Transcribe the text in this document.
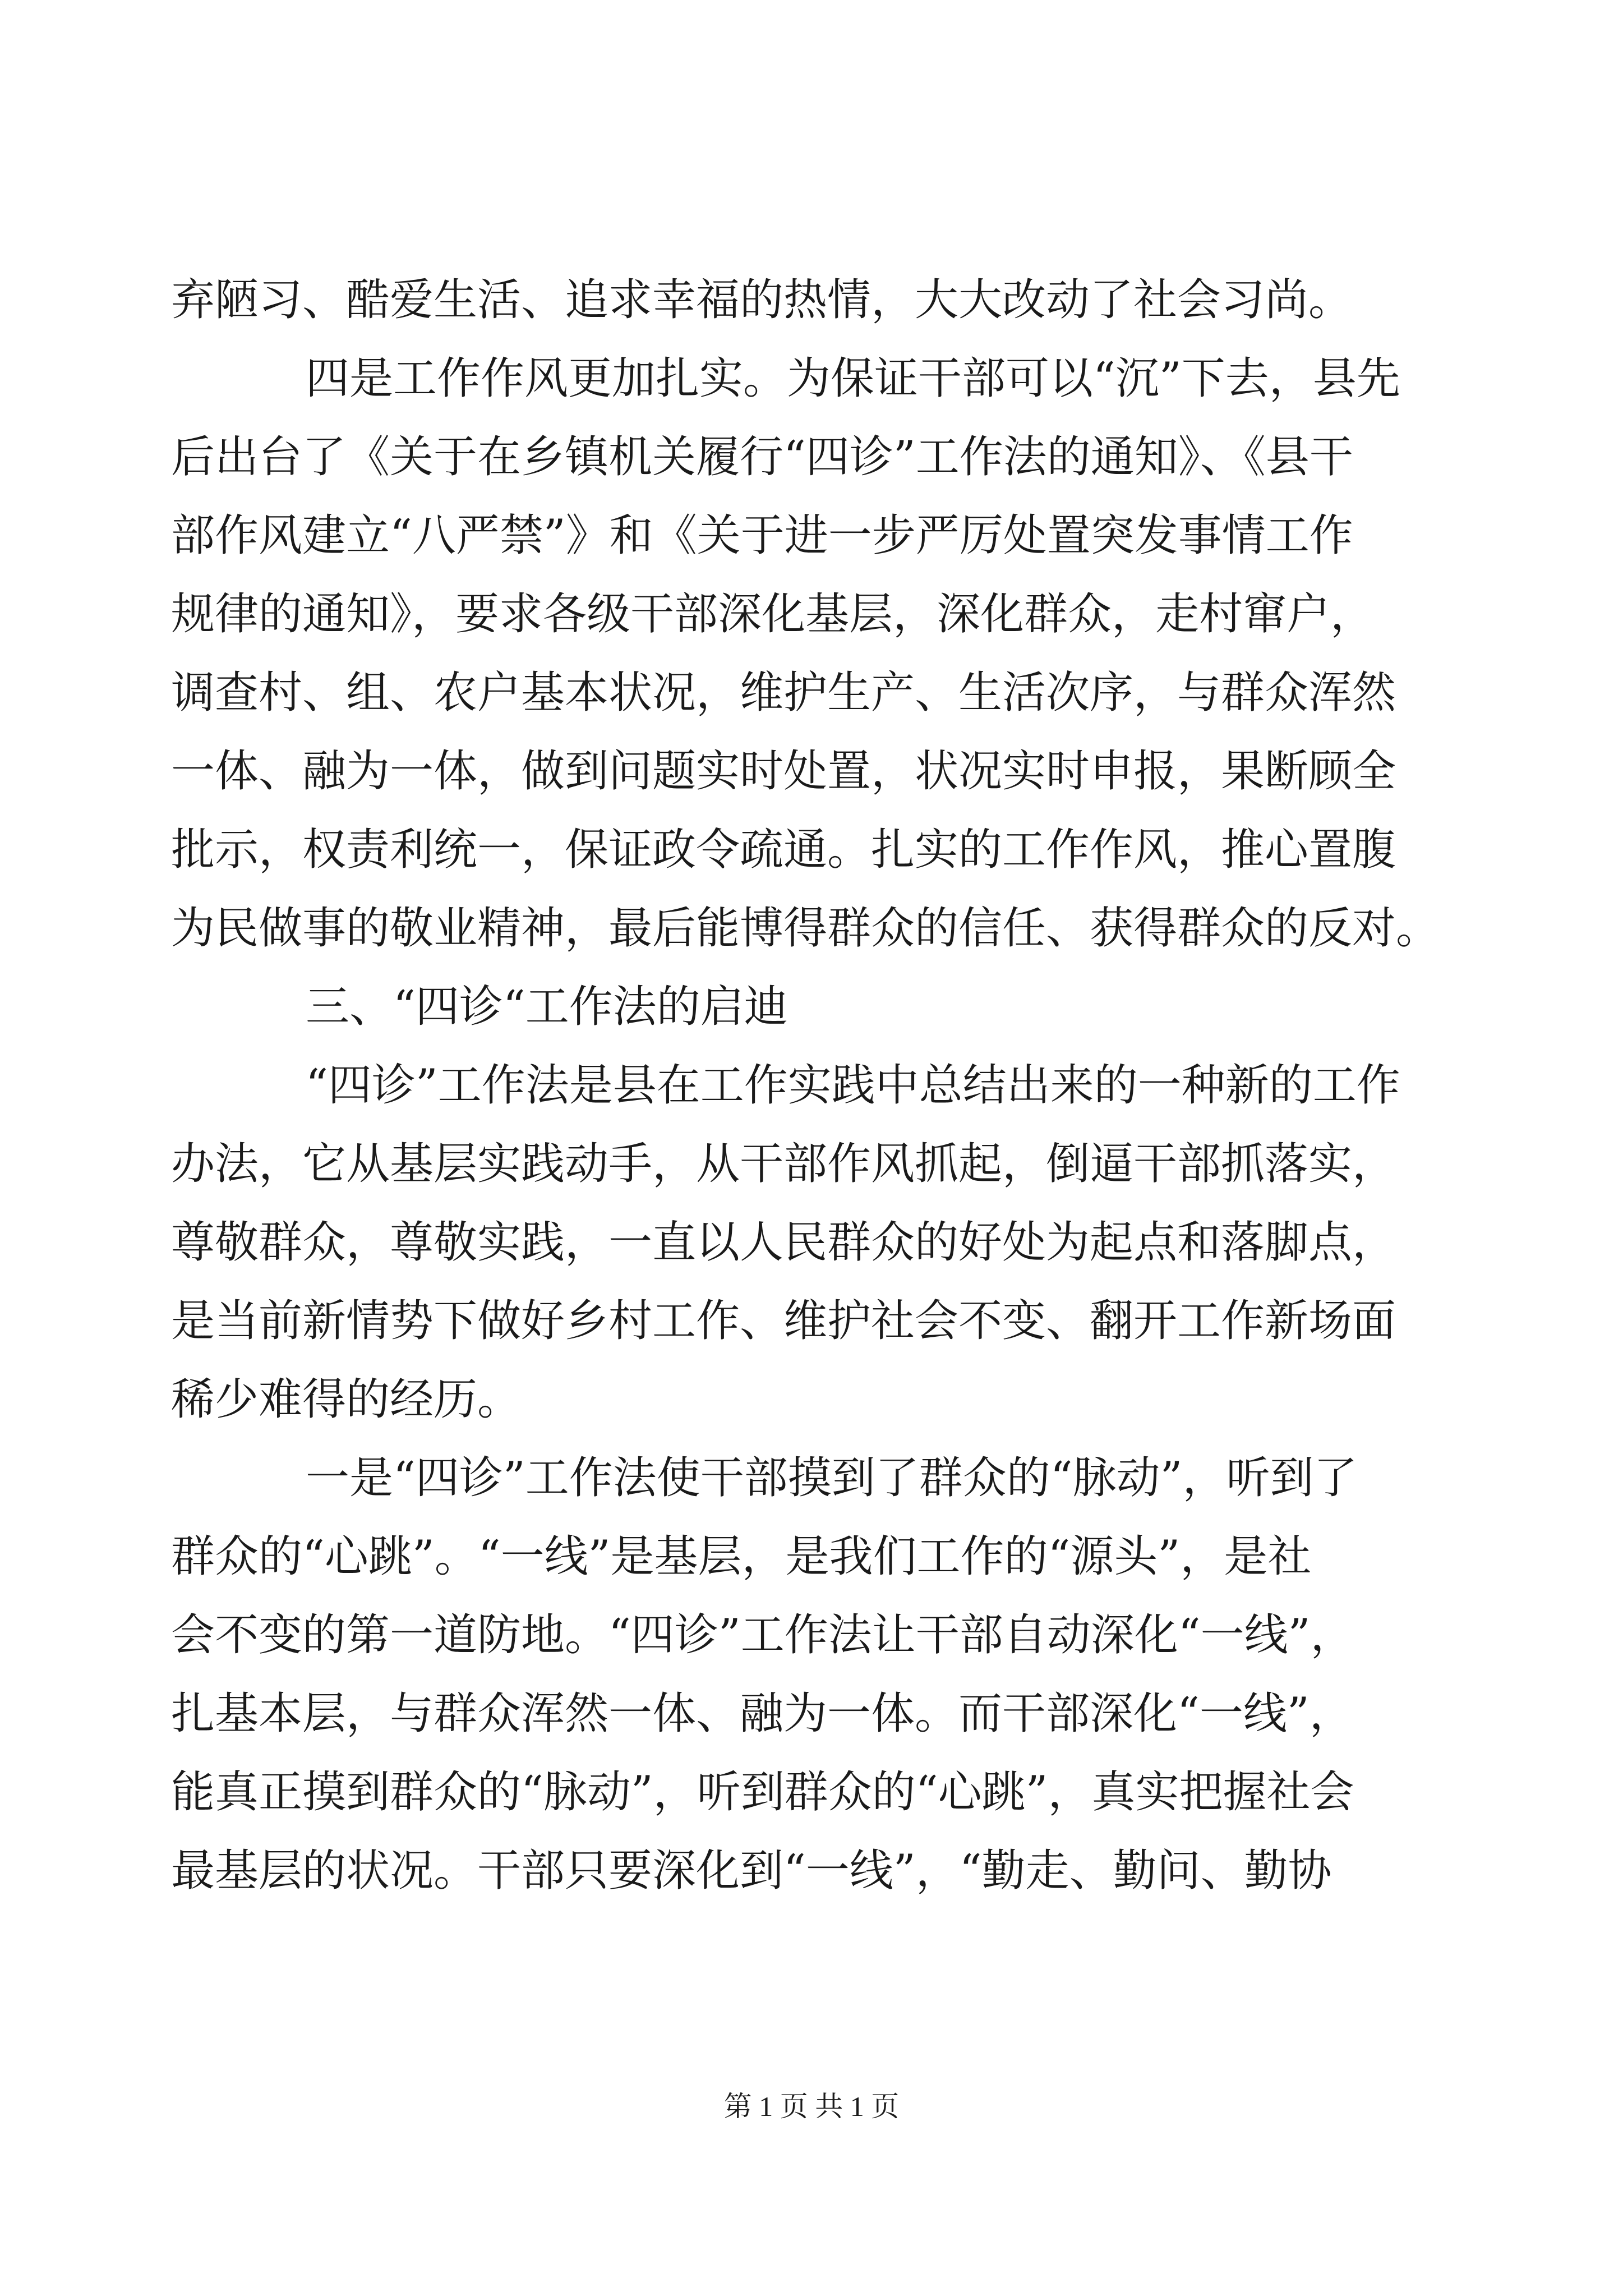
弃陋习、酷爱生活、追求幸福的热情，大大改动了社会习尚。
四是工作作风更加扎实。为保证干部可以“沉”下去，县先
后出台了《关于在乡镇机关履行“四诊”工作法的通知》、《县干
部作风建立“八严禁”》和《关于进一步严厉处置突发事情工作
规律的通知》，要求各级干部深化基层，深化群众，走村窜户，
调查村、组、农户基本状况，维护生产、生活次序，与群众浑然
一体、融为一体，做到问题实时处置，状况实时申报，果断顾全
批示，权责利统一，保证政令疏通。扎实的工作作风，推心置腹
为民做事的敬业精神，最后能博得群众的信任、获得群众的反对。
三、“四诊“工作法的启迪
“四诊”工作法是县在工作实践中总结出来的一种新的工作
办法，它从基层实践动手，从干部作风抓起，倒逼干部抓落实，
尊敬群众，尊敬实践，一直以人民群众的好处为起点和落脚点，
是当前新情势下做好乡村工作、维护社会不变、翻开工作新场面
稀少难得的经历。
一是“四诊”工作法使干部摸到了群众的“脉动”，听到了
群众的“心跳”。“一线”是基层，是我们工作的“源头”，是社
会不变的第一道防地。“四诊”工作法让干部自动深化“一线”，
扎基本层，与群众浑然一体、融为一体。而干部深化“一线”，
能真正摸到群众的“脉动”，听到群众的“心跳”，真实把握社会
最基层的状况。干部只要深化到“一线”，“勤走、勤问、勤协
第 1 页 共 1 页
